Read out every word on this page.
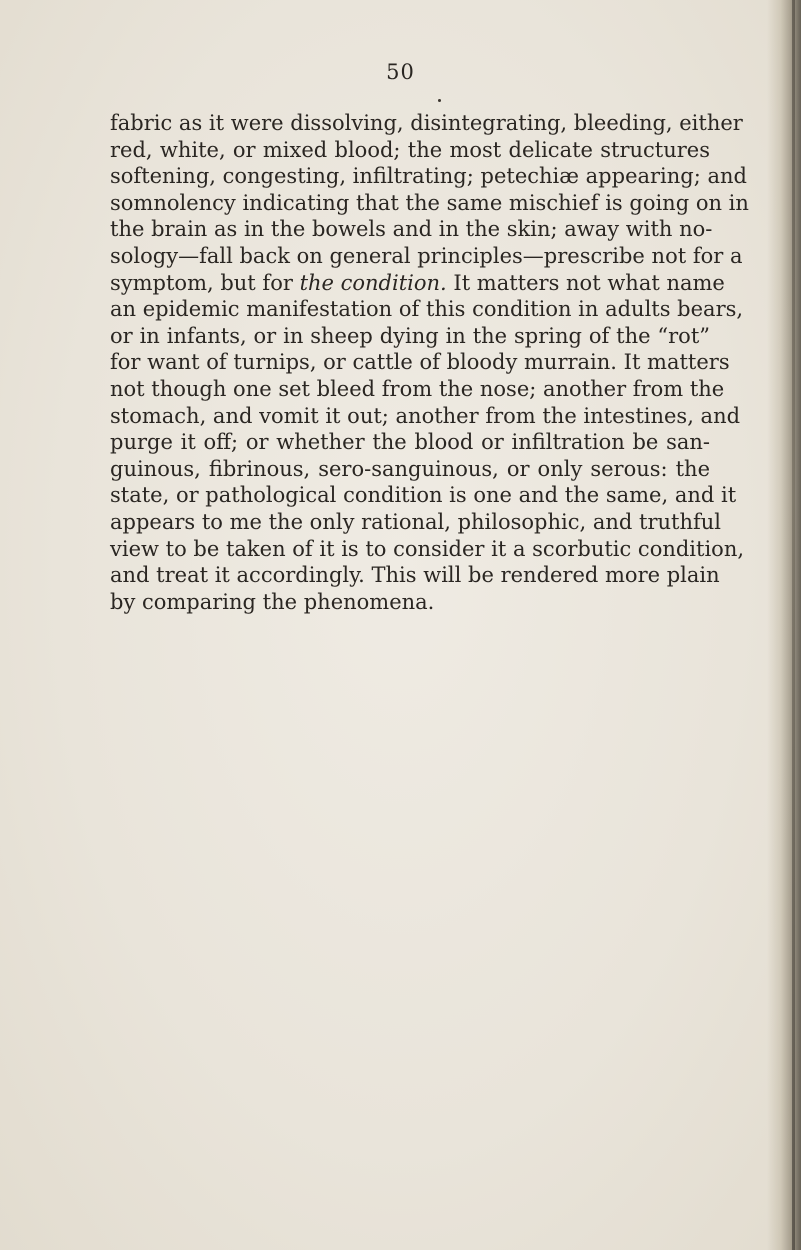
50
fabric as it were dissolving, disintegrating, bleeding, either
red, white, or mixed blood; the most delicate structures
softening, congesting, infiltrating; petechiæ appearing; and
somnolency indicating that the same mischief is going on in
the brain as in the bowels and in the skin; away with no-
sology—fall back on general principles—prescribe not for a
symptom, but for the condition. It matters not what name
an epidemic manifestation of this condition in adults bears,
or in infants, or in sheep dying in the spring of the “rot”
for want of turnips, or cattle of bloody murrain. It matters
not though one set bleed from the nose; another from the
stomach, and vomit it out; another from the intestines, and
purge it off; or whether the blood or infiltration be san-
guinous, fibrinous, sero-sanguinous, or only serous: the
state, or pathological condition is one and the same, and it
appears to me the only rational, philosophic, and truthful
view to be taken of it is to consider it a scorbutic condition,
and treat it accordingly. This will be rendered more plain
by comparing the phenomena.
